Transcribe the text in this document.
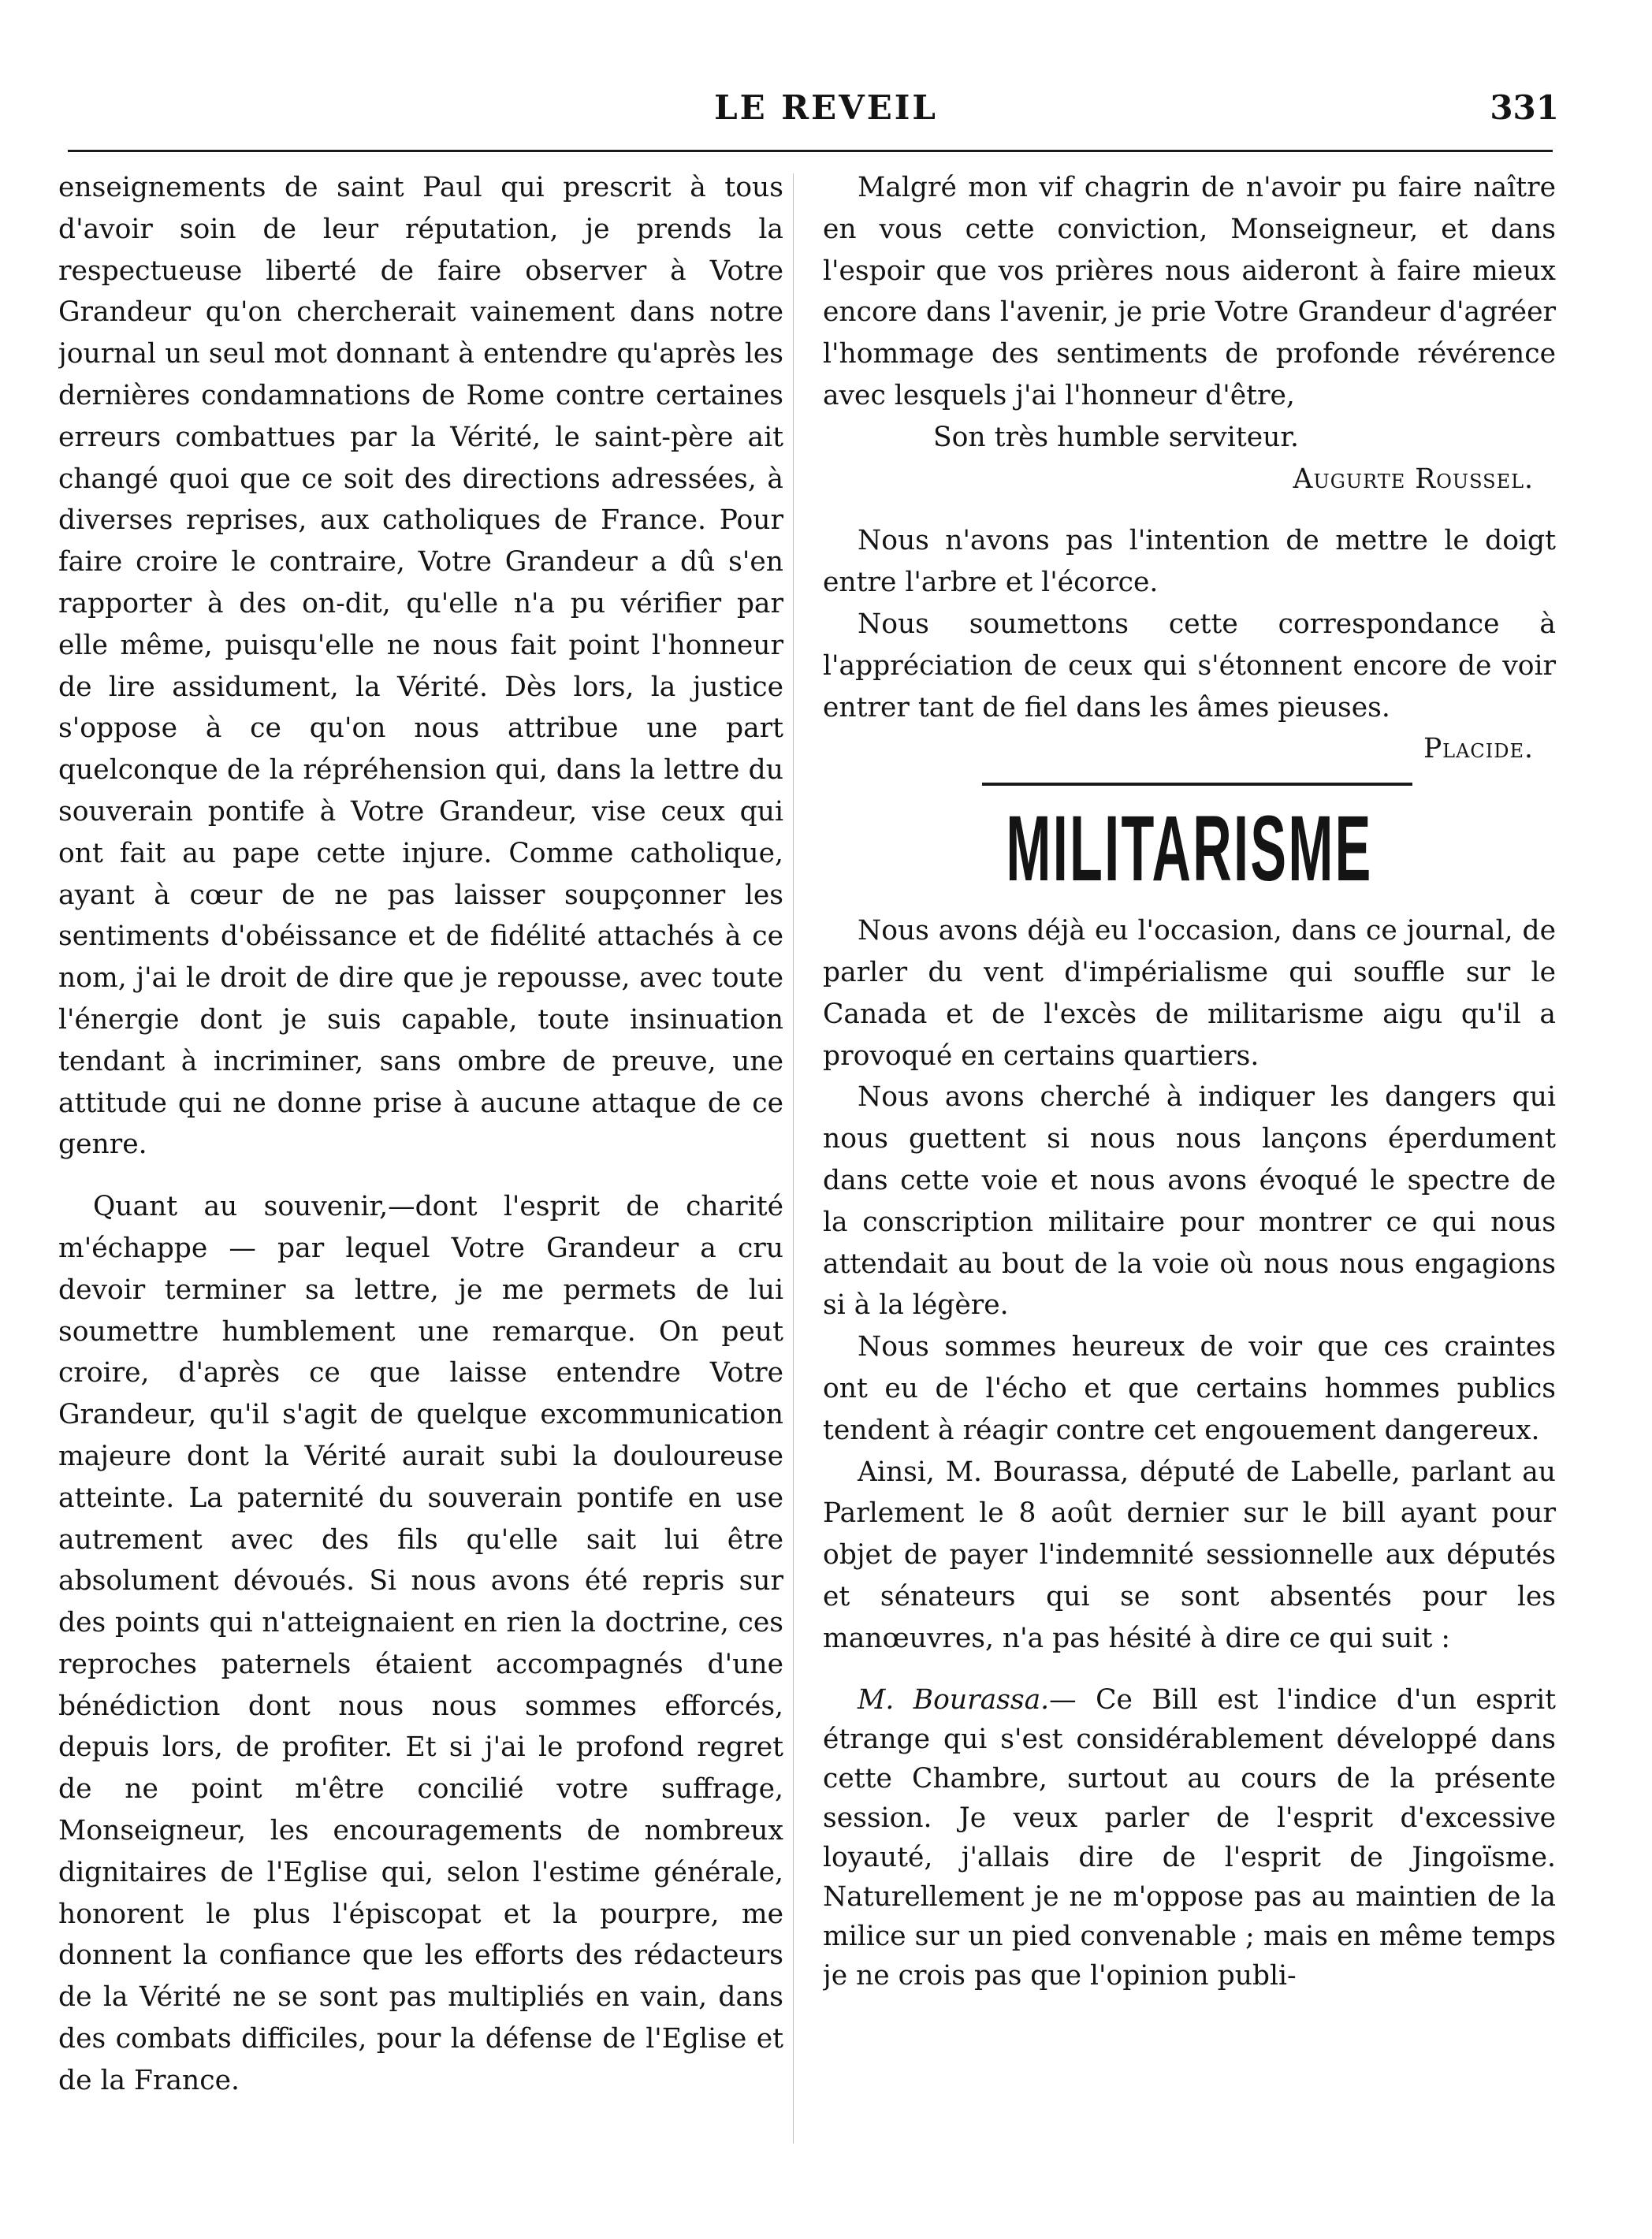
LE REVEIL	331

enseignements de saint Paul qui prescrit à tous d'avoir soin de leur réputation, je prends la respectueuse liberté de faire observer à Votre Grandeur qu'on chercherait vainement dans notre journal un seul mot donnant à entendre qu'après les dernières condamnations de Rome contre certaines erreurs combattues par la Vérité, le saint-père ait changé quoi que ce soit des directions adressées, à diverses reprises, aux catholiques de France. Pour faire croire le contraire, Votre Grandeur a dû s'en rapporter à des on-dit, qu'elle n'a pu vérifier par elle même, puisqu'elle ne nous fait point l'honneur de lire assidument, la Vérité. Dès lors, la justice s'oppose à ce qu'on nous attribue une part quelconque de la répréhension qui, dans la lettre du souverain pontife à Votre Grandeur, vise ceux qui ont fait au pape cette injure. Comme catholique, ayant à cœur de ne pas laisser soupçonner les sentiments d'obéissance et de fidélité attachés à ce nom, j'ai le droit de dire que je repousse, avec toute l'énergie dont je suis capable, toute insinuation tendant à incriminer, sans ombre de preuve, une attitude qui ne donne prise à aucune attaque de ce genre.

Quant au souvenir,—dont l'esprit de charité m'échappe — par lequel Votre Grandeur a cru devoir terminer sa lettre, je me permets de lui soumettre humblement une remarque. On peut croire, d'après ce que laisse entendre Votre Grandeur, qu'il s'agit de quelque excommunication majeure dont la Vérité aurait subi la douloureuse atteinte. La paternité du souverain pontife en use autrement avec des fils qu'elle sait lui être absolument dévoués. Si nous avons été repris sur des points qui n'atteignaient en rien la doctrine, ces reproches paternels étaient accompagnés d'une bénédiction dont nous nous sommes efforcés, depuis lors, de profiter. Et si j'ai le profond regret de ne point m'être concilié votre suffrage, Monseigneur, les encouragements de nombreux dignitaires de l'Eglise qui, selon l'estime générale, honorent le plus l'épiscopat et la pourpre, me donnent la confiance que les efforts des rédacteurs de la Vérité ne se sont pas multipliés en vain, dans des combats difficiles, pour la défense de l'Eglise et de la France.

Malgré mon vif chagrin de n'avoir pu faire naître en vous cette conviction, Monseigneur, et dans l'espoir que vos prières nous aideront à faire mieux encore dans l'avenir, je prie Votre Grandeur d'agréer l'hommage des sentiments de profonde révérence avec lesquels j'ai l'honneur d'être,

Son très humble serviteur.

Augurte Roussel.

Nous n'avons pas l'intention de mettre le doigt entre l'arbre et l'écorce.

Nous soumettons cette correspondance à l'appréciation de ceux qui s'étonnent encore de voir entrer tant de fiel dans les âmes pieuses.

Placide.

MILITARISME

Nous avons déjà eu l'occasion, dans ce journal, de parler du vent d'impérialisme qui souffle sur le Canada et de l'excès de militarisme aigu qu'il a provoqué en certains quartiers.

Nous avons cherché à indiquer les dangers qui nous guettent si nous nous lançons éperdument dans cette voie et nous avons évoqué le spectre de la conscription militaire pour montrer ce qui nous attendait au bout de la voie où nous nous engagions si à la légère.

Nous sommes heureux de voir que ces craintes ont eu de l'écho et que certains hommes publics tendent à réagir contre cet engouement dangereux.

Ainsi, M. Bourassa, député de Labelle, parlant au Parlement le 8 août dernier sur le bill ayant pour objet de payer l'indemnité sessionnelle aux députés et sénateurs qui se sont absentés pour les manœuvres, n'a pas hésité à dire ce qui suit :

M. Bourassa.— Ce Bill est l'indice d'un esprit étrange qui s'est considérablement développé dans cette Chambre, surtout au cours de la présente session. Je veux parler de l'esprit d'excessive loyauté, j'allais dire de l'esprit de Jingoïsme. Naturellement je ne m'oppose pas au maintien de la milice sur un pied convenable ; mais en même temps je ne crois pas que l'opinion publi-
